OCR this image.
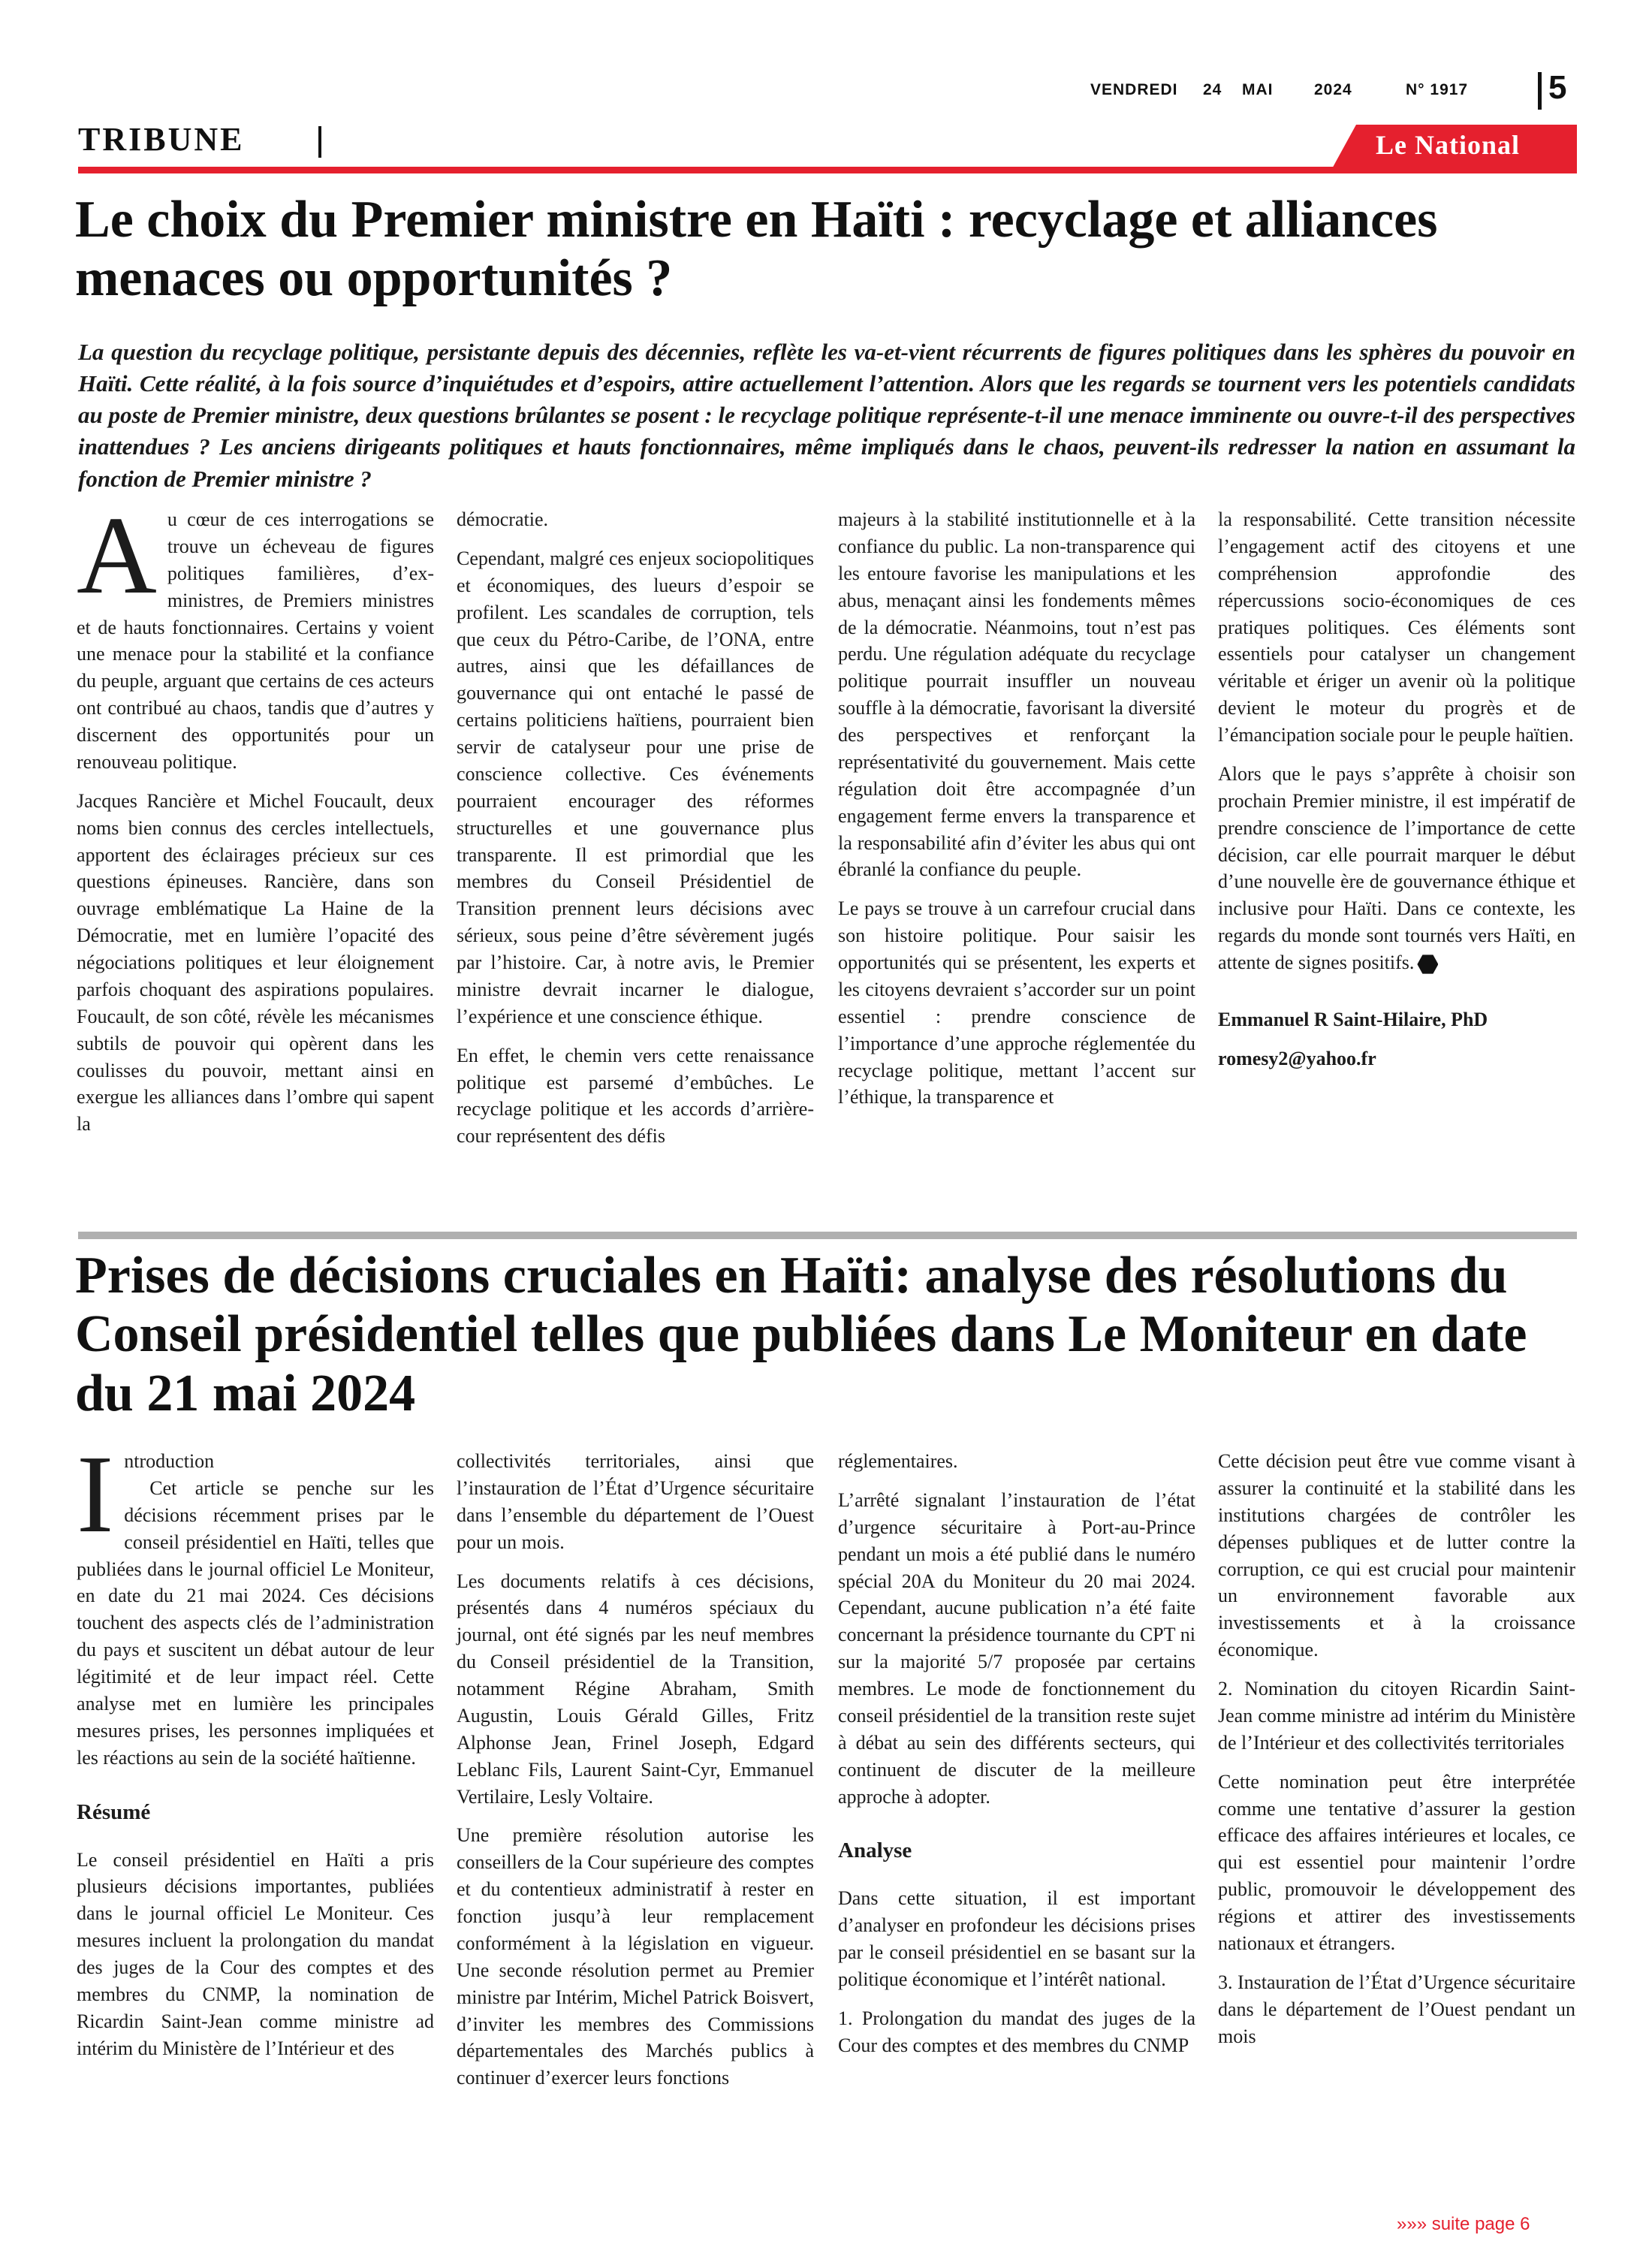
VENDREDI 24 MAI	2024	N° 1917 5
TRIBUNE	Le National
Le choix du Premier ministre en Haïti : recyclage et alliances menaces ou opportunités ?

La question du recyclage politique, persistante depuis des décennies, reflète les va-et-vient récurrents de figures politiques dans les sphères du pouvoir en Haïti. Cette réalité, à la fois source d’inquiétudes et d’espoirs, attire actuellement l’attention. Alors que les regards se tournent vers les potentiels candidats au poste de Premier ministre, deux questions brûlantes se posent : le recyclage politique représente-t-il une menace imminente ou ouvre-t-il des perspectives inattendues ? Les anciens dirigeants politiques et hauts fonctionnaires, même impliqués dans le chaos, peuvent-ils redresser la nation en assumant la fonction de Premier ministre ?

Au cœur de ces interrogations se trouve un écheveau de figures politiques familières, d’ex-ministres, de Premiers ministres et de hauts fonctionnaires. Certains y voient une menace pour la stabilité et la confiance du peuple, arguant que certains de ces acteurs ont contribué au chaos, tandis que d’autres y discernent des opportunités pour un renouveau politique.

Jacques Rancière et Michel Foucault, deux noms bien connus des cercles intellectuels, apportent des éclairages précieux sur ces questions épineuses. Rancière, dans son ouvrage emblématique La Haine de la Démocratie, met en lumière l’opacité des négociations politiques et leur éloignement parfois choquant des aspirations populaires. Foucault, de son côté, révèle les mécanismes subtils de pouvoir qui opèrent dans les coulisses du pouvoir, mettant ainsi en exergue les alliances dans l’ombre qui sapent la

démocratie.

Cependant, malgré ces enjeux sociopolitiques et économiques, des lueurs d’espoir se profilent. Les scandales de corruption, tels que ceux du Pétro-Caribe, de l’ONA, entre autres, ainsi que les défaillances de gouvernance qui ont entaché le passé de certains politiciens haïtiens, pourraient bien servir de catalyseur pour une prise de conscience collective. Ces événements pourraient encourager des réformes structurelles et une gouvernance plus transparente. Il est primordial que les membres du Conseil Présidentiel de Transition prennent leurs décisions avec sérieux, sous peine d’être sévèrement jugés par l’histoire. Car, à notre avis, le Premier ministre devrait incarner le dialogue, l’expérience et une conscience éthique.

En effet, le chemin vers cette renaissance politique est parsemé d’embûches. Le recyclage politique et les accords d’arrière-cour représentent des défis

majeurs à la stabilité institutionnelle et à la confiance du public. La non-transparence qui les entoure favorise les manipulations et les abus, menaçant ainsi les fondements mêmes de la démocratie. Néanmoins, tout n’est pas perdu. Une régulation adéquate du recyclage politique pourrait insuffler un nouveau souffle à la démocratie, favorisant la diversité des perspectives et renforçant la représentativité du gouvernement. Mais cette régulation doit être accompagnée d’un engagement ferme envers la transparence et la responsabilité afin d’éviter les abus qui ont ébranlé la confiance du peuple.

Le pays se trouve à un carrefour crucial dans son histoire politique. Pour saisir les opportunités qui se présentent, les experts et les citoyens devraient s’accorder sur un point essentiel : prendre conscience de l’importance d’une approche réglementée du recyclage politique, mettant l’accent sur l’éthique, la transparence et

la responsabilité. Cette transition nécessite l’engagement actif des citoyens et une compréhension approfondie des répercussions socio-économiques de ces pratiques politiques. Ces éléments sont essentiels pour catalyser un changement véritable et ériger un avenir où la politique devient le moteur du progrès et de l’émancipation sociale pour le peuple haïtien.

Alors que le pays s’apprête à choisir son prochain Premier ministre, il est impératif de prendre conscience de l’importance de cette décision, car elle pourrait marquer le début d’une nouvelle ère de gouvernance éthique et inclusive pour Haïti. Dans ce contexte, les regards du monde sont tournés vers Haïti, en attente de signes positifs.

Emmanuel R Saint-Hilaire, PhD

romesy2@yahoo.fr

Prises de décisions cruciales en Haïti: analyse des résolutions du Conseil présidentiel telles que publiées dans Le Moniteur en date du 21 mai 2024

Introduction
Cet article se penche sur les décisions récemment prises par le conseil présidentiel en Haïti, telles que publiées dans le journal officiel Le Moniteur, en date du 21 mai 2024. Ces décisions touchent des aspects clés de l’administration du pays et suscitent un débat autour de leur légitimité et de leur impact réel. Cette analyse met en lumière les principales mesures prises, les personnes impliquées et les réactions au sein de la société haïtienne.

Résumé

Le conseil présidentiel en Haïti a pris plusieurs décisions importantes, publiées dans le journal officiel Le Moniteur. Ces mesures incluent la prolongation du mandat des juges de la Cour des comptes et des membres du CNMP, la nomination de Ricardin Saint-Jean comme ministre ad intérim du Ministère de l’Intérieur et des

collectivités territoriales, ainsi que l’instauration de l’État d’Urgence sécuritaire dans l’ensemble du département de l’Ouest pour un mois.

Les documents relatifs à ces décisions, présentés dans 4 numéros spéciaux du journal, ont été signés par les neuf membres du Conseil présidentiel de la Transition, notamment Régine Abraham, Smith Augustin, Louis Gérald Gilles, Fritz Alphonse Jean, Frinel Joseph, Edgard Leblanc Fils, Laurent Saint-Cyr, Emmanuel Vertilaire, Lesly Voltaire.

Une première résolution autorise les conseillers de la Cour supérieure des comptes et du contentieux administratif à rester en fonction jusqu’à leur remplacement conformément à la législation en vigueur. Une seconde résolution permet au Premier ministre par Intérim, Michel Patrick Boisvert, d’inviter les membres des Commissions départementales des Marchés publics à continuer d’exercer leurs fonctions

réglementaires.

L’arrêté signalant l’instauration de l’état d’urgence sécuritaire à Port-au-Prince pendant un mois a été publié dans le numéro spécial 20A du Moniteur du 20 mai 2024. Cependant, aucune publication n’a été faite concernant la présidence tournante du CPT ni sur la majorité 5/7 proposée par certains membres. Le mode de fonctionnement du conseil présidentiel de la transition reste sujet à débat au sein des différents secteurs, qui continuent de discuter de la meilleure approche à adopter.

Analyse

Dans cette situation, il est important d’analyser en profondeur les décisions prises par le conseil présidentiel en se basant sur la politique économique et l’intérêt national.

1. Prolongation du mandat des juges de la Cour des comptes et des membres du CNMP

Cette décision peut être vue comme visant à assurer la continuité et la stabilité dans les institutions chargées de contrôler les dépenses publiques et de lutter contre la corruption, ce qui est crucial pour maintenir un environnement favorable aux investissements et à la croissance économique.

2. Nomination du citoyen Ricardin Saint-Jean comme ministre ad intérim du Ministère de l’Intérieur et des collectivités territoriales

Cette nomination peut être interprétée comme une tentative d’assurer la gestion efficace des affaires intérieures et locales, ce qui est essentiel pour maintenir l’ordre public, promouvoir le développement des régions et attirer des investissements nationaux et étrangers.

3. Instauration de l’État d’Urgence sécuritaire dans le département de l’Ouest pendant un mois

»»» suite page 6
